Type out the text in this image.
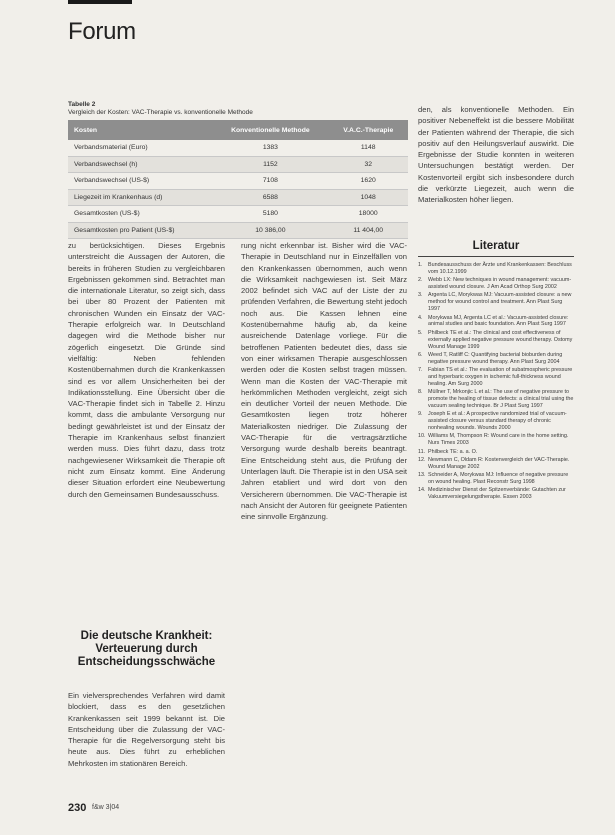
Forum
Tabelle 2
Vergleich der Kosten: VAC-Therapie vs. konventionelle Methode
Kosten	Konventionelle Methode	V.A.C.-Therapie
Verbandsmaterial (Euro)	1383	1148
Verbandswechsel (h)	1152	32
Verbandswechsel (US-$)	7108	1620
Liegezeit im Krankenhaus (d)	6588	1048
Gesamtkosten (US-$)	5180	18000
Gesamtkosten pro Patient (US-$)	10 386,00	11 404,00

den, als konventionelle Methoden. Ein positiver Nebeneffekt ist die bessere Mobilität der Patienten während der Therapie, die sich positiv auf den Heilungsverlauf auswirkt. Die Ergebnisse der Studie konnten in weiteren Untersuchungen bestätigt werden. Der Kostenvorteil ergibt sich insbesondere durch die verkürzte Liegezeit, auch wenn die Materialkosten höher liegen.

zu berücksichtigen. Dieses Ergebnis unterstreicht die Aussagen der Autoren, die bereits in früheren Studien zu vergleichbaren Ergebnissen gekommen sind. Betrachtet man die internationale Literatur, so zeigt sich, dass bei über 80 Prozent der Patienten mit chronischen Wunden ein Einsatz der VAC-Therapie erfolgreich war. In Deutschland dagegen wird die Methode bisher nur zögerlich eingesetzt. Die Gründe sind vielfältig: Neben fehlenden Kostenübernahmen durch die Krankenkassen sind es vor allem Unsicherheiten bei der Indikationsstellung. Eine Übersicht über die VAC-Therapie findet sich in Tabelle 2. Hinzu kommt, dass die ambulante Versorgung nur bedingt gewährleistet ist und der Einsatz der Therapie im Krankenhaus selbst finanziert werden muss. Dies führt dazu, dass trotz nachgewiesener Wirksamkeit die Therapie oft nicht zum Einsatz kommt. Eine Änderung dieser Situation erfordert eine Neubewertung durch den Gemeinsamen Bundesausschuss.

rung nicht erkennbar ist. Bisher wird die VAC-Therapie in Deutschland nur in Einzelfällen von den Krankenkassen übernommen, auch wenn die Wirksamkeit nachgewiesen ist. Seit März 2002 befindet sich VAC auf der Liste der zu prüfenden Verfahren, die Bewertung steht jedoch noch aus. Die Kassen lehnen eine Kostenübernahme häufig ab, da keine ausreichende Datenlage vorliege. Für die betroffenen Patienten bedeutet dies, dass sie von einer wirksamen Therapie ausgeschlossen werden oder die Kosten selbst tragen müssen. Wenn man die Kosten der VAC-Therapie mit herkömmlichen Methoden vergleicht, zeigt sich ein deutlicher Vorteil der neuen Methode. Die Gesamtkosten liegen trotz höherer Materialkosten niedriger. Die Zulassung der VAC-Therapie für die vertragsärztliche Versorgung wurde deshalb bereits beantragt. Eine Entscheidung steht aus, die Prüfung der Unterlagen läuft. Die Therapie ist in den USA seit Jahren etabliert und wird dort von den Versicherern übernommen. Die VAC-Therapie ist nach Ansicht der Autoren für geeignete Patienten eine sinnvolle Ergänzung.

Die deutsche Krankheit: Verteuerung durch Entscheidungsschwäche

Ein vielversprechendes Verfahren wird damit blockiert, dass es den gesetzlichen Krankenkassen seit 1999 bekannt ist. Die Entscheidung über die Zulassung der VAC-Therapie für die Regelversorgung steht bis heute aus. Dies führt zu erheblichen Mehrkosten im stationären Bereich.

Literatur
1.	Bundesausschuss der Ärzte und Krankenkassen: Beschluss vom 10.12.1999
2.	Webb LX: New techniques in wound management: vacuum-assisted wound closure. J Am Acad Orthop Surg 2002
3.	Argenta LC, Morykwas MJ: Vacuum-assisted closure: a new method for wound control and treatment. Ann Plast Surg 1997
4.	Morykwas MJ, Argenta LC et al.: Vacuum-assisted closure: animal studies and basic foundation. Ann Plast Surg 1997
5.	Philbeck TE et al.: The clinical and cost effectiveness of externally applied negative pressure wound therapy. Ostomy Wound Manage 1999
6.	Weed T, Ratliff C: Quantifying bacterial bioburden during negative pressure wound therapy. Ann Plast Surg 2004
7.	Fabian TS et al.: The evaluation of subatmospheric pressure and hyperbaric oxygen in ischemic full-thickness wound healing. Am Surg 2000
8.	Müllner T, Mrkonjic L et al.: The use of negative pressure to promote the healing of tissue defects: a clinical trial using the vacuum sealing technique. Br J Plast Surg 1997
9.	Joseph E et al.: A prospective randomized trial of vacuum-assisted closure versus standard therapy of chronic nonhealing wounds. Wounds 2000
10. Williams M, Thompson R: Wound care in the home setting. Nurs Times 2003
11. Philbeck TE: a. a. O.
12. Newmann C, Oldam R: Kostenvergleich der VAC-Therapie. Wound Manage 2002
13. Schneider A, Morykwas MJ: Influence of negative pressure on wound healing. Plast Reconstr Surg 1998
14. Medizinischer Dienst der Spitzenverbände: Gutachten zur Vakuumversiegelungstherapie. Essen 2003
230 f&w 3|04
